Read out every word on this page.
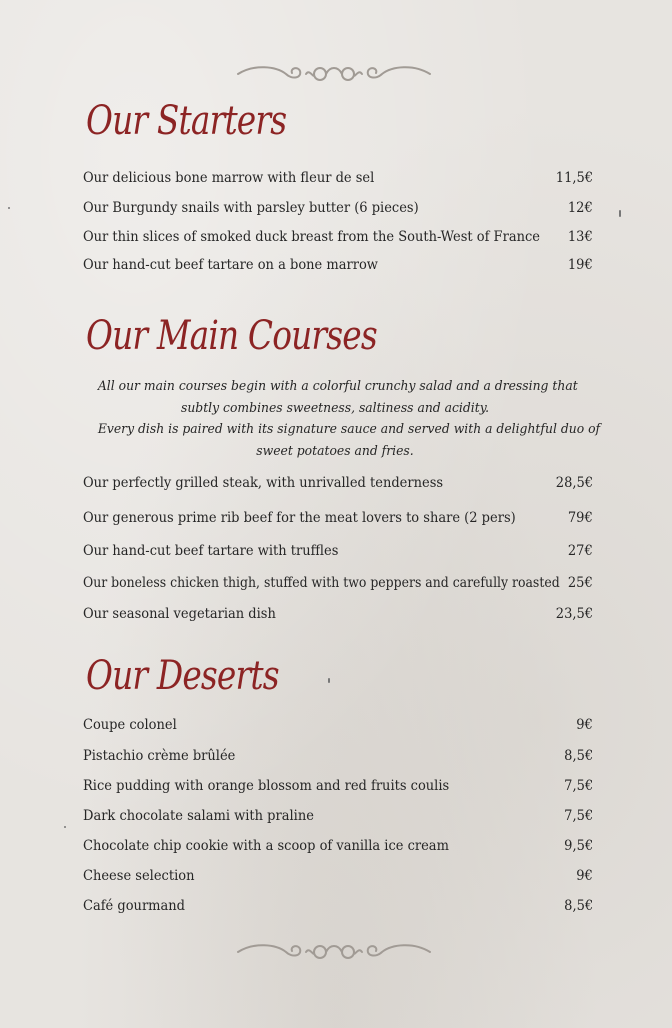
Our Starters
Our delicious bone marrow with fleur de sel	11,5€
Our Burgundy snails with parsley butter (6 pieces)	12€
Our thin slices of smoked duck breast from the South-West of France 13€
Our hand-cut beef tartare on a bone marrow	19€
Our Main Courses
All our main courses begin with a colorful crunchy salad and a dressing that
subtly combines sweetness, saltiness and acidity.
Every dish is paired with its signature sauce and served with a delightful duo of
sweet potatoes and fries.
Our perfectly grilled steak, with unrivalled tenderness	28,5€
Our generous prime rib beef for the meat lovers to share (2 pers)	79€
Our hand-cut beef tartare with truffles	27€
Our boneless chicken thigh, stuffed with two peppers and carefully roasted 25€
Our seasonal vegetarian dish	23,5€
Our Deserts
Coupe colonel	9€
Pistachio crème brûlée	8,5€
Rice pudding with orange blossom and red fruits coulis	7,5€
Dark chocolate salami with praline	7,5€
Chocolate chip cookie with a scoop of vanilla ice cream	9,5€
Cheese selection	9€
Café gourmand	8,5€
